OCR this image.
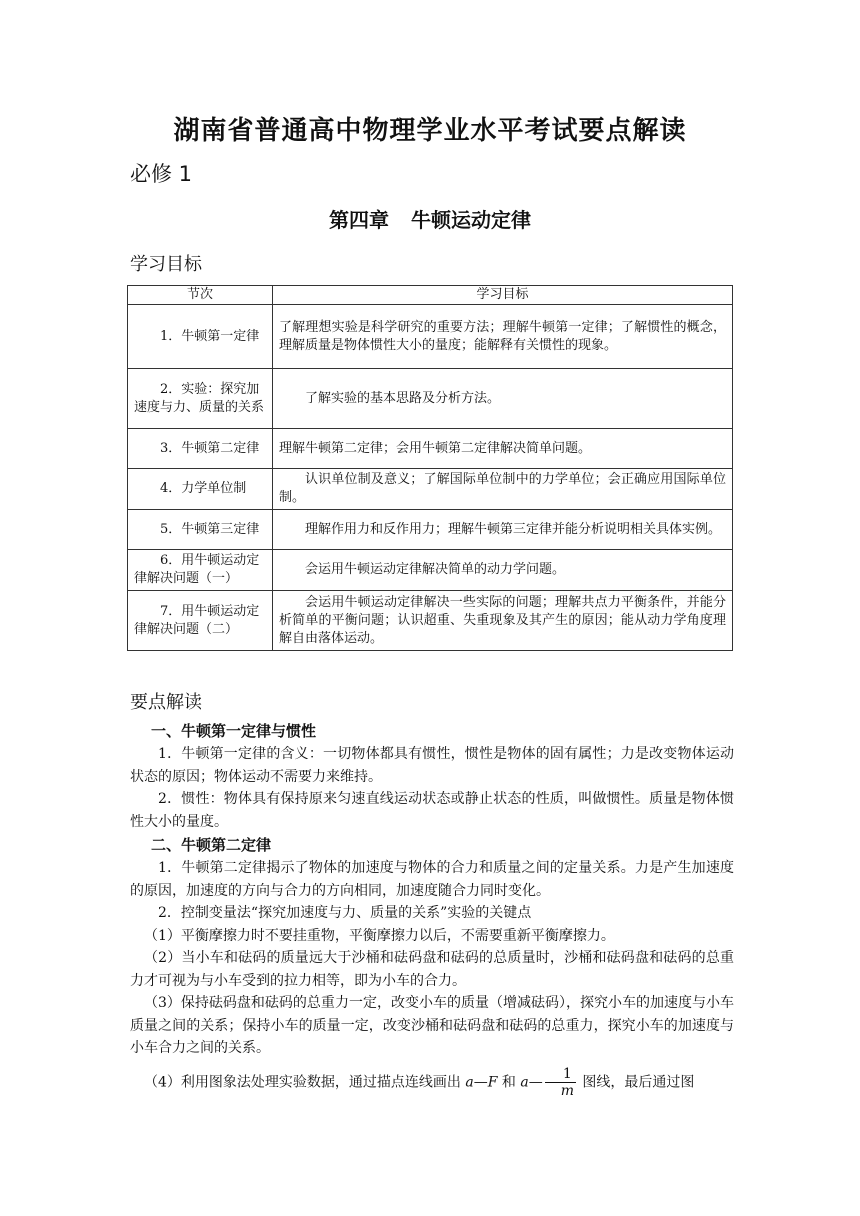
湖南省普通高中物理学业水平考试要点解读
必修 1
第四章 牛顿运动定律
学习目标
节次	学习目标
1．牛顿第一定律	了解理想实验是科学研究的重要方法；理解牛顿第一定律；了解惯性的概念，理解质量是物体惯性大小的量度；能解释有关惯性的现象。
2．实验：探究加速度与力、质量的关系	了解实验的基本思路及分析方法。
3．牛顿第二定律	理解牛顿第二定律；会用牛顿第二定律解决简单问题。
4．力学单位制	认识单位制及意义；了解国际单位制中的力学单位；会正确应用国际单位制。
5．牛顿第三定律	理解作用力和反作用力；理解牛顿第三定律并能分析说明相关具体实例。
6．用牛顿运动定律解决问题（一）	会运用牛顿运动定律解决简单的动力学问题。
7．用牛顿运动定律解决问题（二）	会运用牛顿运动定律解决一些实际的问题；理解共点力平衡条件，并能分析简单的平衡问题；认识超重、失重现象及其产生的原因；能从动力学角度理解自由落体运动。
要点解读
一、牛顿第一定律与惯性

1．牛顿第一定律的含义：一切物体都具有惯性，惯性是物体的固有属性；力是改变物体运动状态的原因；物体运动不需要力来维持。

2．惯性：物体具有保持原来匀速直线运动状态或静止状态的性质，叫做惯性。质量是物体惯性大小的量度。

二、牛顿第二定律

1．牛顿第二定律揭示了物体的加速度与物体的合力和质量之间的定量关系。力是产生加速度的原因，加速度的方向与合力的方向相同，加速度随合力同时变化。

2．控制变量法“探究加速度与力、质量的关系”实验的关键点

（1）平衡摩擦力时不要挂重物，平衡摩擦力以后，不需要重新平衡摩擦力。

（2）当小车和砝码的质量远大于沙桶和砝码盘和砝码的总质量时，沙桶和砝码盘和砝码的总重力才可视为与小车受到的拉力相等，即为小车的合力。

（3）保持砝码盘和砝码的总重力一定，改变小车的质量（增减砝码），探究小车的加速度与小车质量之间的关系；保持小车的质量一定，改变沙桶和砝码盘和砝码的总重力，探究小车的加速度与小车合力之间的关系。

（4）利用图象法处理实验数据，通过描点连线画出 a—F 和 a— $\frac{1}{m}$ 图线，最后通过图
